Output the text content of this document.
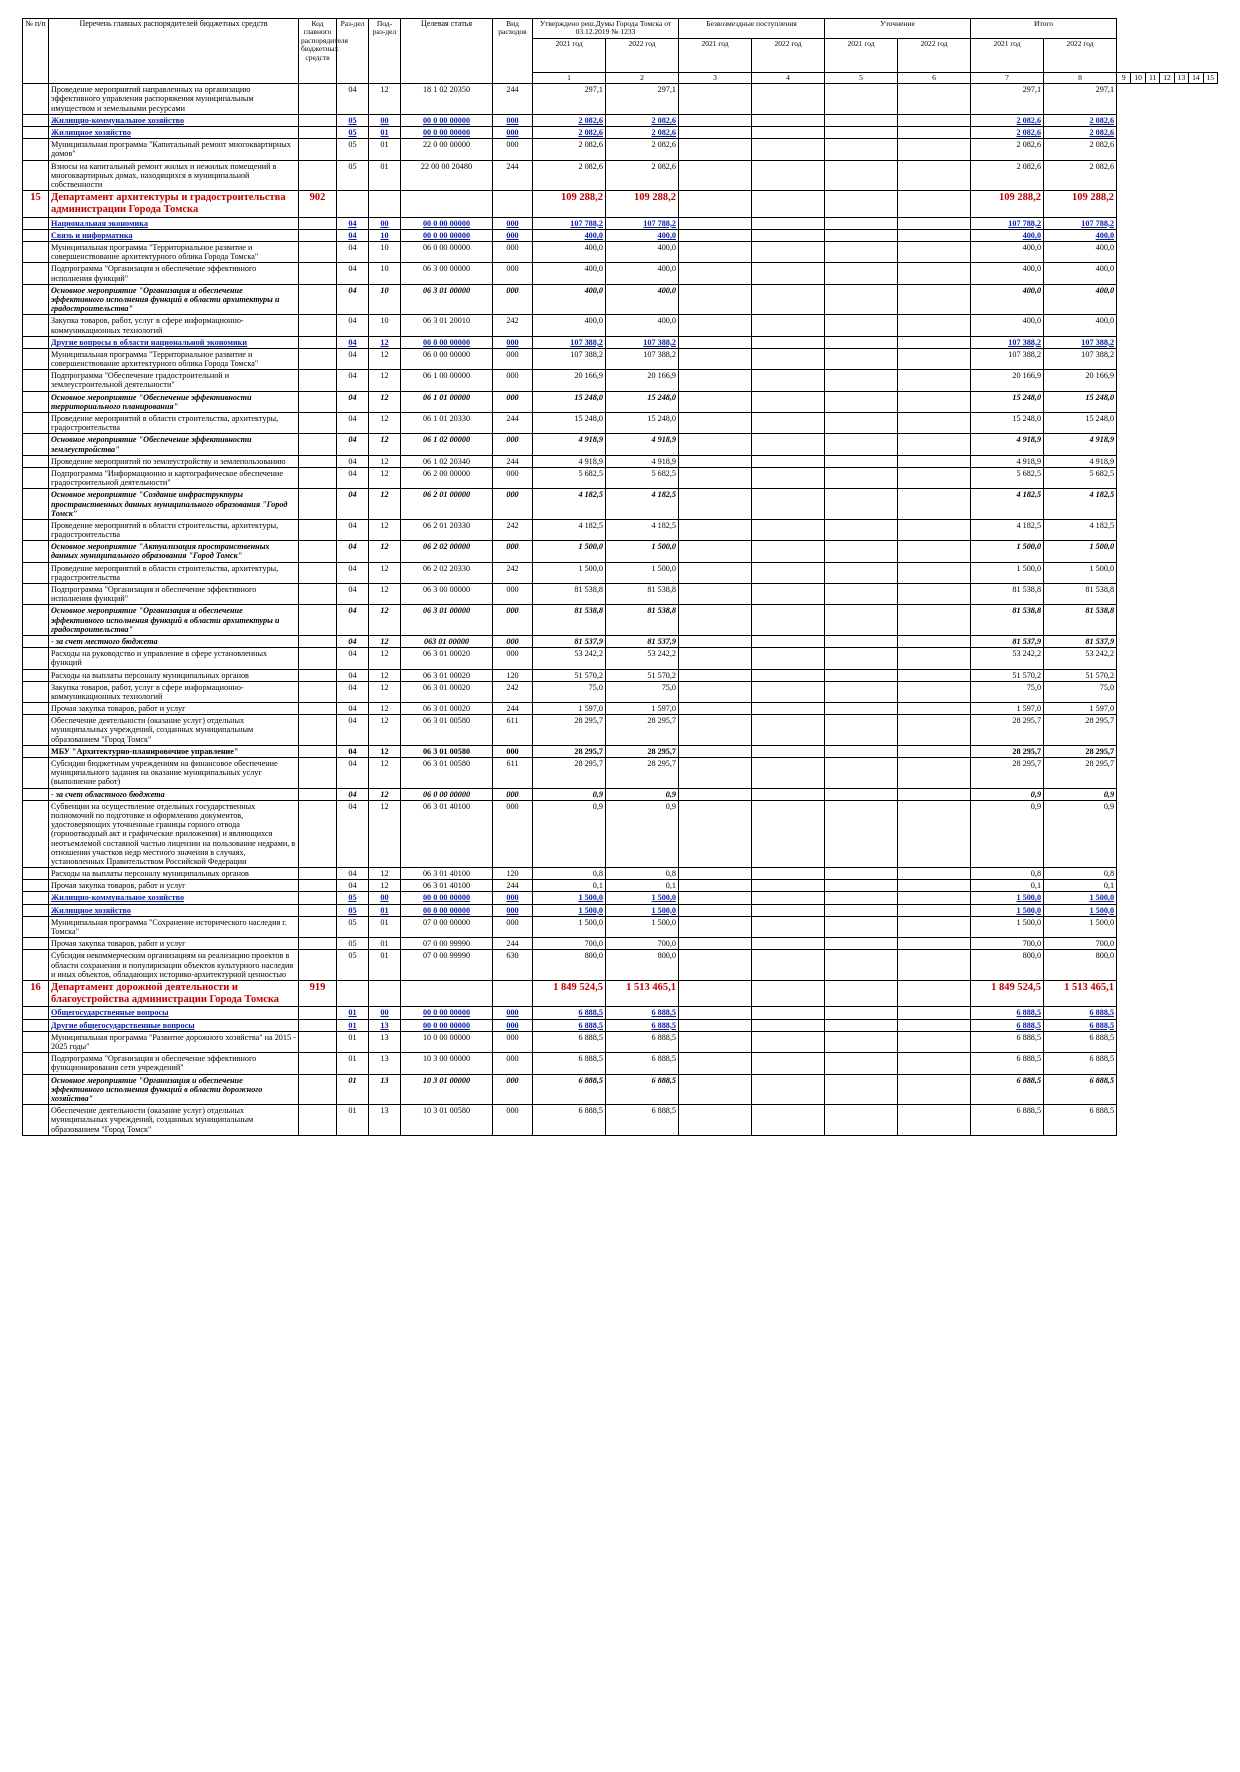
№ п/п	Перечень главных распорядителей бюджетных средств	Код главного распорядителя бюджетных средств	Раз-дел	Под-раз-дел	Целевая статья	Вид расходов	Утверждено реш.Думы Города Томска от 03.12.2019 № 1233		Безвозмездные поступления		Уточнение		Итого								
							2021 год	2022 год	2021 год	2022 год	2021 год	2022 год	2021 год	2022 год							
							1	2	3	4	5	6	7	8	9	10	11	12	13	14	15
	Проведение мероприятий направленных на организацию эффективного управления распоряжения муниципальным имуществом и земельными ресурсами		04	12	18 1 02 20350	244	297,1	297,1					297,1	297,1							
	Жилищно-коммунальное хозяйство		05	00	00 0 00 00000	000	2 082,6	2 082,6					2 082,6	2 082,6							
	Жилищное хозяйство		05	01	00 0 00 00000	000	2 082,6	2 082,6					2 082,6	2 082,6							
	Муниципальная программа "Капитальный ремонт многоквартирных домов"		05	01	22 0 00 00000	000	2 082,6	2 082,6					2 082,6	2 082,6							
	Взносы на капитальный ремонт жилых и нежилых помещений в многоквартирных домах, находящихся в муниципальной собственности		05	01	22 00 00 20480	244	2 082,6	2 082,6					2 082,6	2 082,6							
15	Департамент архитектуры и градостроительства администрации Города Томска	902					109 288,2	109 288,2					109 288,2	109 288,2							
	Национальная экономика		04	00	00 0 00 00000	000	107 788,2	107 788,2					107 788,2	107 788,2							
	Связь и информатика		04	10	00 0 00 00000	000	400,0	400,0					400,0	400,0							
	Муниципальная программа "Территориальное развитие и совершенствование архитектурного облика Города Томска"		04	10	06 0 00 00000	000	400,0	400,0					400,0	400,0							
	Подпрограмма "Организация и обеспечение эффективного исполнения функций"		04	10	06 3 00 00000	000	400,0	400,0					400,0	400,0							
	Основное мероприятие "Организация и обеспечение эффективного исполнения функций в области архитектуры и градостроительства"		04	10	06 3 01 00000	000	400,0	400,0					400,0	400,0							
	Закупка товаров, работ, услуг в сфере информационно-коммуникационных технологий		04	10	06 3 01 20010	242	400,0	400,0					400,0	400,0							
	Другие вопросы в области национальной экономики		04	12	00 0 00 00000	000	107 388,2	107 388,2					107 388,2	107 388,2							
	Муниципальная программа "Территориальное развитие и совершенствование архитектурного облика Города Томска"		04	12	06 0 00 00000	000	107 388,2	107 388,2					107 388,2	107 388,2							
	Подпрограмма "Обеспечение градостроительной и землеустроительной деятельности"		04	12	06 1 00 00000	000	20 166,9	20 166,9					20 166,9	20 166,9							
	Основное мероприятие "Обеспечение эффективности территориального планирования"		04	12	06 1 01 00000	000	15 248,0	15 248,0					15 248,0	15 248,0							
	Проведение мероприятий в области строительства, архитектуры, градостроительства		04	12	06 1 01 20330	244	15 248,0	15 248,0					15 248,0	15 248,0							
	Основное мероприятие "Обеспечение эффективности землеустройства"		04	12	06 1 02 00000	000	4 918,9	4 918,9					4 918,9	4 918,9							
	Проведение мероприятий по землеустройству и землепользованию		04	12	06 1 02 20340	244	4 918,9	4 918,9					4 918,9	4 918,9							
	Подпрограмма "Информационно и картографическое обеспечение градостроительной деятельности"		04	12	06 2 00 00000	000	5 682,5	5 682,5					5 682,5	5 682,5							
	Основное мероприятие "Создание инфраструктуры пространственных данных муниципального образования "Город Томск"		04	12	06 2 01 00000	000	4 182,5	4 182,5					4 182,5	4 182,5							
	Проведение мероприятий в области строительства, архитектуры, градостроительства		04	12	06 2 01 20330	242	4 182,5	4 182,5					4 182,5	4 182,5							
	Основное мероприятие "Актуализация пространственных данных муниципального образования "Город Томск"		04	12	06 2 02 00000	000	1 500,0	1 500,0					1 500,0	1 500,0							
	Проведение мероприятий в области строительства, архитектуры, градостроительства		04	12	06 2 02 20330	242	1 500,0	1 500,0					1 500,0	1 500,0							
	Подпрограмма "Организация и обеспечение эффективного исполнения функций"		04	12	06 3 00 00000	000	81 538,8	81 538,8					81 538,8	81 538,8							
	Основное мероприятие "Организация и обеспечение эффективного исполнения функций в области архитектуры и градостроительства"		04	12	06 3 01 00000	000	81 538,8	81 538,8					81 538,8	81 538,8							
	- за счет местного бюджета		04	12	063 01 00000	000	81 537,9	81 537,9					81 537,9	81 537,9							
	Расходы на руководство и управление в сфере установленных функций		04	12	06 3 01 00020	000	53 242,2	53 242,2					53 242,2	53 242,2							
	Расходы на выплаты персоналу муниципальных органов		04	12	06 3 01 00020	120	51 570,2	51 570,2					51 570,2	51 570,2							
	Закупка товаров, работ, услуг в сфере информационно-коммуникационных технологий		04	12	06 3 01 00020	242	75,0	75,0					75,0	75,0							
	Прочая закупка товаров, работ и услуг		04	12	06 3 01 00020	244	1 597,0	1 597,0					1 597,0	1 597,0							
	Обеспечение деятельности (оказание услуг) отдельных муниципальных учреждений, созданных муниципальным образованием "Город Томск"		04	12	06 3 01 00580	611	28 295,7	28 295,7					28 295,7	28 295,7							
	МБУ "Архитектурно-планировочное управление"		04	12	06 3 01 00580	000	28 295,7	28 295,7					28 295,7	28 295,7							
	Субсидии бюджетным учреждениям на финансовое обеспечение муниципального задания на оказание муниципальных услуг (выполнение работ)		04	12	06 3 01 00580	611	28 295,7	28 295,7					28 295,7	28 295,7							
	- за счет областного бюджета		04	12	06 0 00 00000	000	0,9	0,9					0,9	0,9							
	Субвенции на осуществление отдельных государственных полномочий по подготовке и оформлению документов, удостоверяющих уточненные границы горного отвода (горноотводный акт и графические приложения) и являющихся неотъемлемой составной частью лицензии на пользование недрами, в отношении участков недр местного значения в случаях, установленных Правительством Российской Федерации		04	12	06 3 01 40100	000	0,9	0,9					0,9	0,9							
	Расходы на выплаты персоналу муниципальных органов		04	12	06 3 01 40100	120	0,8	0,8					0,8	0,8							
	Прочая закупка товаров, работ и услуг		04	12	06 3 01 40100	244	0,1	0,1					0,1	0,1							
	Жилищно-коммунальное хозяйство		05	00	00 0 00 00000	000	1 500,0	1 500,0					1 500,0	1 500,0							
	Жилищное хозяйство		05	01	00 0 00 00000	000	1 500,0	1 500,0					1 500,0	1 500,0							
	Муниципальная программа "Сохранение исторического наследия г. Томска"		05	01	07 0 00 00000	000	1 500,0	1 500,0					1 500,0	1 500,0							
	Прочая закупка товаров, работ и услуг		05	01	07 0 00 99990	244	700,0	700,0					700,0	700,0							
	Субсидия некоммерческим организациям на реализацию проектов в области сохранения и популяризации объектов культурного наследия и иных объектов, обладающих историко-архитектурной ценностью		05	01	07 0 00 99990	630	800,0	800,0					800,0	800,0							
16	Департамент дорожной деятельности и благоустройства администрации Города Томска	919					1 849 524,5	1 513 465,1					1 849 524,5	1 513 465,1							
	Общегосударственные вопросы		01	00	00 0 00 00000	000	6 888,5	6 888,5					6 888,5	6 888,5							
	Другие общегосударственные вопросы		01	13	00 0 00 00000	000	6 888,5	6 888,5					6 888,5	6 888,5							
	Муниципальная программа "Развитие дорожного хозяйства" на 2015 - 2025 годы"		01	13	10 0 00 00000	000	6 888,5	6 888,5					6 888,5	6 888,5							
	Подпрограмма "Организация и обеспечение эффективного функционирования сети учреждений"		01	13	10 3 00 00000	000	6 888,5	6 888,5					6 888,5	6 888,5							
	Основное мероприятие "Организация и обеспечение эффективного исполнения функций в области дорожного хозяйства"		01	13	10 3 01 00000	000	6 888,5	6 888,5					6 888,5	6 888,5							
	Обеспечение деятельности (оказание услуг) отдельных муниципальных учреждений, созданных муниципальным образованием "Город Томск"		01	13	10 3 01 00580	000	6 888,5	6 888,5					6 888,5	6 888,5							
